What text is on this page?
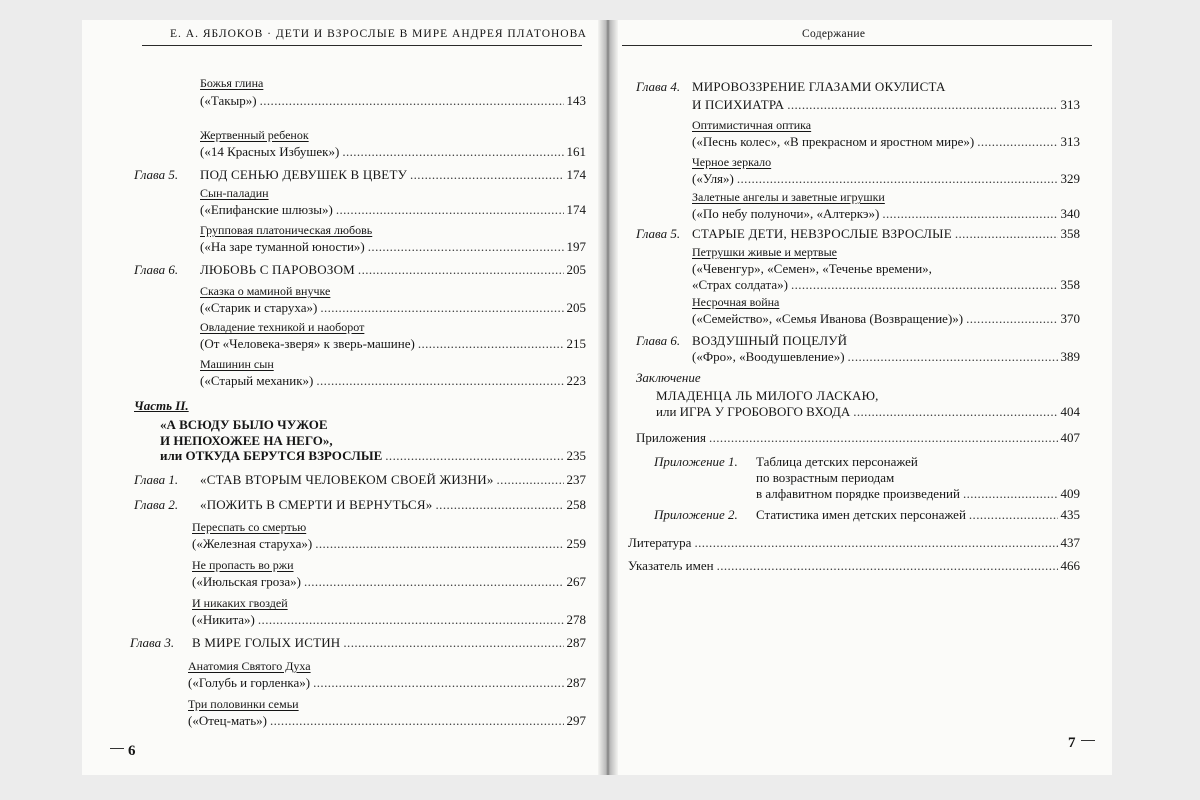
Е. А. ЯБЛОКОВ · ДЕТИ И ВЗРОСЛЫЕ В МИРЕ АНДРЕЯ ПЛАТОНОВА
Божья глина
(«Такыр») .....	143
Жертвенный ребенок
(«14 Красных Избушек») .....	161
Глава 5.	ПОД СЕНЬЮ ДЕВУШЕК В ЦВЕТУ .....	174
Сын-паладин
(«Епифанские шлюзы») .....	174
Групповая платоническая любовь
(«На заре туманной юности») .....	197
Глава 6.	ЛЮБОВЬ С ПАРОВОЗОМ .....	205
Сказка о маминой внучке
(«Старик и старуха») .....	205
Овладение техникой и наоборот
(От «Человека-зверя» к зверь-машине) .....	215
Машинин сын
(«Старый механик») .....	223
Часть II.
«А ВСЮДУ БЫЛО ЧУЖОЕ
И НЕПОХОЖЕЕ НА НЕГО»,
или ОТКУДА БЕРУТСЯ ВЗРОСЛЫЕ .....	235
Глава 1.	«СТАВ ВТОРЫМ ЧЕЛОВЕКОМ СВОЕЙ ЖИЗНИ» .....	237
Глава 2.	«ПОЖИТЬ В СМЕРТИ И ВЕРНУТЬСЯ» .....	258
Переспать со смертью
(«Железная старуха») .....	259
Не пропасть во ржи
(«Июльская гроза») .....	267
И никаких гвоздей
(«Никита») .....	278
Глава 3.	В МИРЕ ГОЛЫХ ИСТИН .....	287
Анатомия Святого Духа
(«Голубь и горленка») .....	287
Три половинки семьи
(«Отец-мать») .....	297
6
Содержание
Глава 4. МИРОВОЗЗРЕНИЕ ГЛАЗАМИ ОКУЛИСТА
И ПСИХИАТРА .....	313
Оптимистичная оптика
(«Песнь колес», «В прекрасном и яростном мире») .....	313
Черное зеркало
(«Уля») .....	329
Залетные ангелы и заветные игрушки
(«По небу полуночи», «Алтеркэ») .....	340
Глава 5. СТАРЫЕ ДЕТИ, НЕВЗРОСЛЫЕ ВЗРОСЛЫЕ .....	358
Петрушки живые и мертвые
(«Чевенгур», «Семен», «Теченье времени»,
«Страх солдата») .....	358
Несрочная война
(«Семейство», «Семья Иванова (Возвращение)») .....	370
Глава 6. ВОЗДУШНЫЙ ПОЦЕЛУЙ
(«Фро», «Воодушевление») .....	389
Заключение
МЛАДЕНЦА ЛЬ МИЛОГО ЛАСКАЮ,
или ИГРА У ГРОБОВОГО ВХОДА .....	404
Приложения .....	407
Приложение 1.	Таблица детских персонажей
по возрастным периодам
в алфавитном порядке произведений .....	409
Приложение 2.	Статистика имен детских персонажей .....	435
Литература .....	437
Указатель имен .....	466
7
